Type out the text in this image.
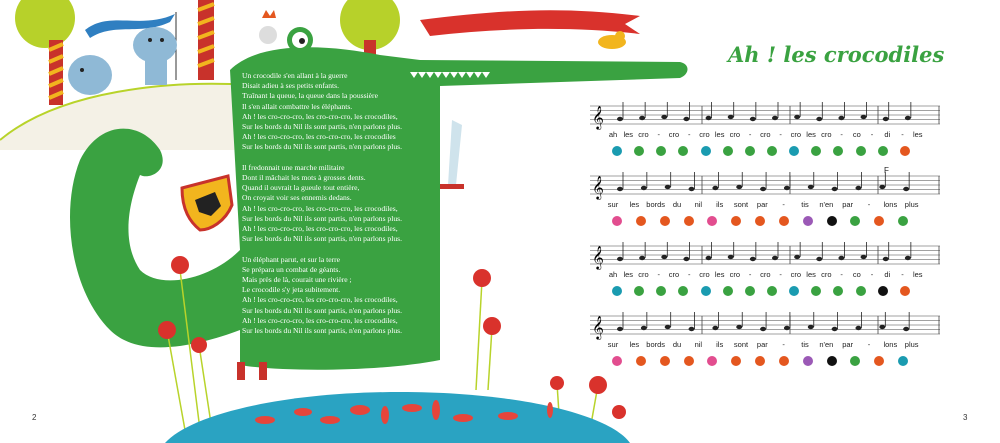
Un crocodile s'en allant à la guerre
Disait adieu à ses petits enfants.
Traînant la queue, la queue dans la poussière
Il s'en allait combattre les éléphants.
Ah ! les cro-cro-cro, les cro-cro-cro, les crocodiles,
Sur les bords du Nil ils sont partis, n'en parlons plus.
Ah ! les cro-cro-cro, les cro-cro-cro, les crocodiles
Sur les bords du Nil ils sont partis, n'en parlons plus.
Il fredonnait une marche militaire
Dont il mâchait les mots à grosses dents.
Quand il ouvrait la gueule tout entière,
On croyait voir ses ennemis dedans.
Ah ! les cro-cro-cro, les cro-cro-cro, les crocodiles,
Sur les bords du Nil ils sont partis, n'en parlons plus.
Ah ! les cro-cro-cro, les cro-cro-cro, les crocodiles,
Sur les bords du Nil ils sont partis, n'en parlons plus.
Un éléphant parut, et sur la terre
Se prépara un combat de géants.
Mais près de là, courait une rivière ;
Le crocodile s'y jeta subitement.
Ah ! les cro-cro-cro, les cro-cro-cro, les crocodiles,
Sur les bords du Nil ils sont partis, n'en parlons plus.
Ah ! les cro-cro-cro, les cro-cro-cro, les crocodiles,
Sur les bords du Nil ils sont partis, n'en parlons plus.
Ah ! les crocodiles
𝄞
ah les cro - cro - cro les cro - cro - cro les cro - co - di - les
𝄞
sur les bords du nil ils sont par - tis n'en par - lons plus
𝄞
ah les cro - cro - cro les cro - cro - cro les cro - co - di - les
𝄞
sur les bords du nil ils sont par - tis n'en par - lons plus
F
2	3
